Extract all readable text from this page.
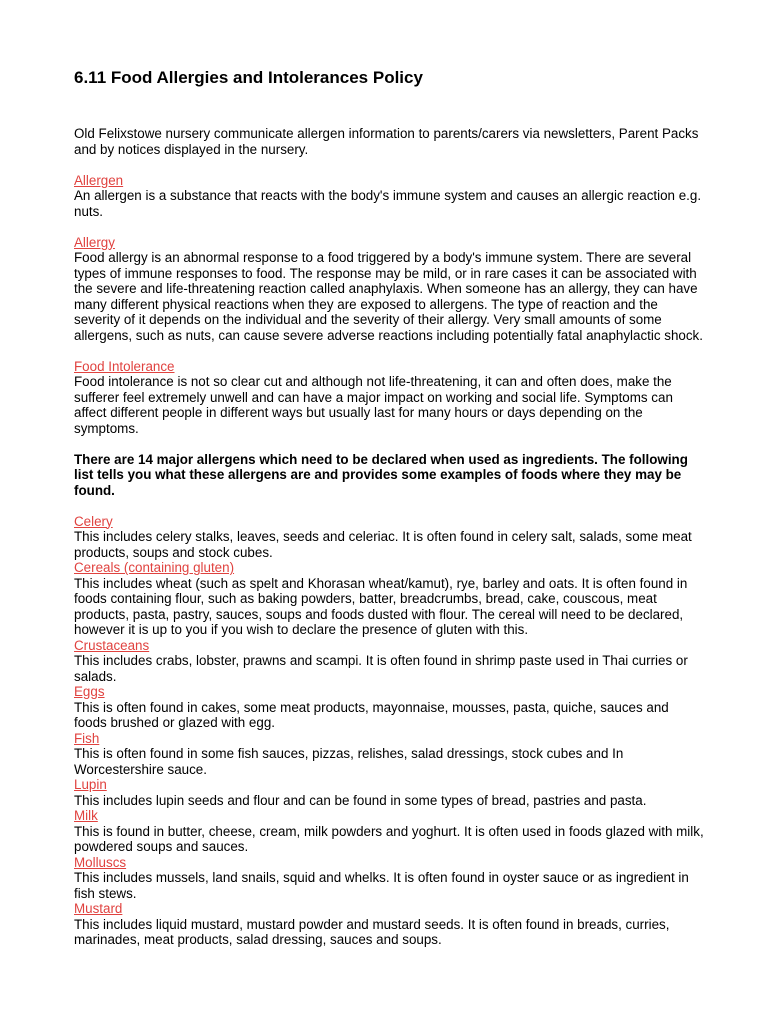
6.11 Food Allergies and Intolerances Policy

Old Felixstowe nursery communicate allergen information to parents/carers via newsletters, Parent Packs and by notices displayed in the nursery.

Allergen

An allergen is a substance that reacts with the body's immune system and causes an allergic reaction e.g. nuts.

Allergy

Food allergy is an abnormal response to a food triggered by a body's immune system. There are several types of immune responses to food. The response may be mild, or in rare cases it can be associated with the severe and life-threatening reaction called anaphylaxis. When someone has an allergy, they can have many different physical reactions when they are exposed to allergens. The type of reaction and the severity of it depends on the individual and the severity of their allergy. Very small amounts of some allergens, such as nuts, can cause severe adverse reactions including potentially fatal anaphylactic shock.

Food Intolerance

Food intolerance is not so clear cut and although not life-threatening, it can and often does, make the sufferer feel extremely unwell and can have a major impact on working and social life. Symptoms can affect different people in different ways but usually last for many hours or days depending on the symptoms.

There are 14 major allergens which need to be declared when used as ingredients. The following list tells you what these allergens are and provides some examples of foods where they may be found.

Celery

This includes celery stalks, leaves, seeds and celeriac. It is often found in celery salt, salads, some meat products, soups and stock cubes.

Cereals (containing gluten)

This includes wheat (such as spelt and Khorasan wheat/kamut), rye, barley and oats. It is often found in foods containing flour, such as baking powders, batter, breadcrumbs, bread, cake, couscous, meat products, pasta, pastry, sauces, soups and foods dusted with flour. The cereal will need to be declared, however it is up to you if you wish to declare the presence of gluten with this.

Crustaceans

This includes crabs, lobster, prawns and scampi. It is often found in shrimp paste used in Thai curries or salads.

Eggs

This is often found in cakes, some meat products, mayonnaise, mousses, pasta, quiche, sauces and foods brushed or glazed with egg.

Fish

This is often found in some fish sauces, pizzas, relishes, salad dressings, stock cubes and In Worcestershire sauce.

Lupin

This includes lupin seeds and flour and can be found in some types of bread, pastries and pasta.

Milk

This is found in butter, cheese, cream, milk powders and yoghurt. It is often used in foods glazed with milk, powdered soups and sauces.

Molluscs

This includes mussels, land snails, squid and whelks. It is often found in oyster sauce or as ingredient in fish stews.

Mustard

This includes liquid mustard, mustard powder and mustard seeds. It is often found in breads, curries, marinades, meat products, salad dressing, sauces and soups.
